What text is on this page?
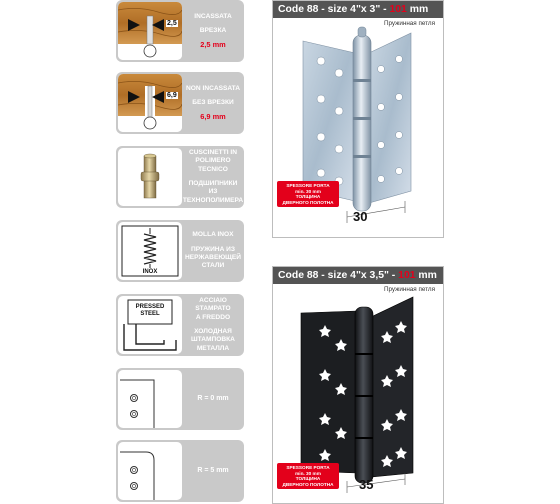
2,5
INCASSATA
ВРЕЗКА
2,5 mm
6,9
NON INCASSATA
БЕЗ ВРЕЗКИ
6,9 mm
CUSCINETTI IN
POLIMERO
TECNICO
ПОДШИПНИКИ
ИЗ ТЕХНОПОЛИМЕРА
INOX
MOLLA INOX
ПРУЖИНА ИЗ
НЕРЖАВЕЮЩЕЙ
СТАЛИ
PRESSED
STEEL
ACCIAIO
STAMPATO
A FREDDO
ХОЛОДНАЯ
ШТАМПОВКА МЕТАЛЛА
R = 0 mm
R = 5 mm
Code 88 - size 4"x 3" - 101 mm
Пружинная петля
SPESSORE PORTA
min. 30 mm
ТОЛЩИНА
ДВЕРНОГО ПОЛОТНА
30
Code 88 - size 4"x 3,5" - 101 mm
Пружинная петля
SPESSORE PORTA
min. 30 mm
ТОЛЩИНА
ДВЕРНОГО ПОЛОТНА 35
